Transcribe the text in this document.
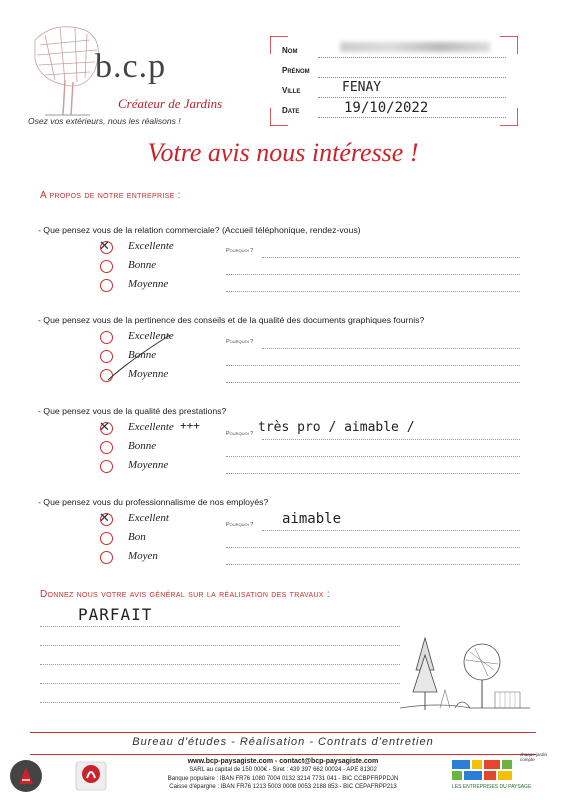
b.c.p
Créateur de Jardins
Osez vos extérieurs, nous les réalisons !
Nom
Prénom
Ville	FENAY
Date	19/10/2022
Votre avis nous intéresse !
A propos de notre entreprise :
- Que pensez vous de la relation commerciale? (Accueil téléphonique, rendez-vous)
✕ Excellente
Bonne
Moyenne
Pourquoi ?
- Que pensez vous de la pertinence des conseils et de la qualité des documents graphiques fournis?
Excellente
Bonne
Moyenne
Pourquoi ?
- Que pensez vous de la qualité des prestations?
✕ Excellente +++
Bonne
Moyenne
Pourquoi ? très pro / aimable /
- Que pensez vous du professionnalisme de nos employés?
✕ Excellent
Bon
Moyen
Pourquoi ? aimable
Donnez nous votre avis général sur la réalisation des travaux :
PARFAIT
Bureau d'études - Réalisation - Contrats d'entretien
www.bcp-paysagiste.com - contact@bcp-paysagiste.com
SARL au capital de 150 000€ - Siret : 439 397 662 00024 - APE 81302
Banque populaire : IBAN FR76 1080 7004 0132 3214 7731 041 - BIC CCBPFRPPDJN
Caisse d'épargne : IBAN FR76 1213 5003 0008 0053 2188 853 - BIC CEPAFRPP213
chaque jardin compte
LES ENTREPRISES DU PAYSAGE
